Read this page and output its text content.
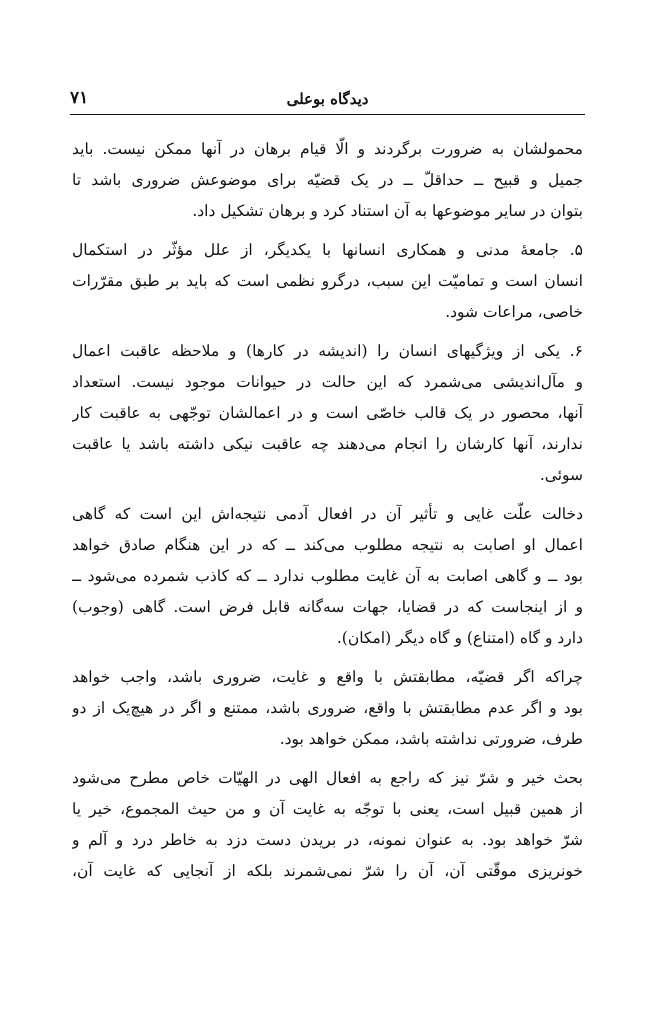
دیدگاه بوعلی
۷۱
محمولشان به ضرورت برگردند و الّا قیام برهان در آنها ممکن نیست. باید
جمیل و قبیح ــ حداقلّ ــ در یک قضیّه برای موضوعش ضروری باشد تا
بتوان در سایر موضوعها به آن استناد کرد و برهان تشکیل داد.
۵. جامعهٔ مدنی و همکاری انسانها با یکدیگر، از علل مؤثّر در استکمال
انسان است و تمامیّت این سبب، درگرو نظمی است که باید بر طبق مقرّرات
خاصی، مراعات شود.
۶. یکی از ویژگیهای انسان را (اندیشه در کارها) و ملاحظه عاقبت اعمال
و مآل‌اندیشی می‌شمرد که این حالت در حیوانات موجود نیست. استعداد
آنها، محصور در یک قالب خاصّی است و در اعمالشان توجّهی به عاقبت کار
ندارند، آنها کارشان را انجام می‌دهند چه عاقبت نیکی داشته باشد یا عاقبت
سوئی.
دخالت علّت غایی و تأثیر آن در افعال آدمی نتیجه‌اش این است که گاهی
اعمال او اصابت به نتیجه مطلوب می‌کند ــ که در این هنگام صادق خواهد
بود ــ و گاهی اصابت به آن غایت مطلوب ندارد ــ که کاذب شمرده می‌شود ــ
و از اینجاست که در قضایا، جهات سه‌گانه قابل فرض است. گاهی (وجوب)
دارد و گاه (امتناع) و گاه دیگر (امکان).
چراکه اگر قضیّه، مطابقتش با واقع و غایت، ضروری باشد، واجب خواهد
بود و اگر عدم مطابقتش با واقع، ضروری باشد، ممتنع و اگر در هیچ‌یک از دو
طرف، ضرورتی نداشته باشد، ممکن خواهد بود.
بحث خیر و شرّ نیز که راجع به افعال الهی در الهیّات خاص مطرح می‌شود
از همین قبیل است، یعنی با توجّه به غایت آن و من حیث المجموع، خیر یا
شرّ خواهد بود. به عنوان نمونه، در بریدن دست دزد به خاطر درد و آلم و
خونریزی موقّتی آن، آن را شرّ نمی‌شمرند بلکه از آنجایی که غایت آن،
